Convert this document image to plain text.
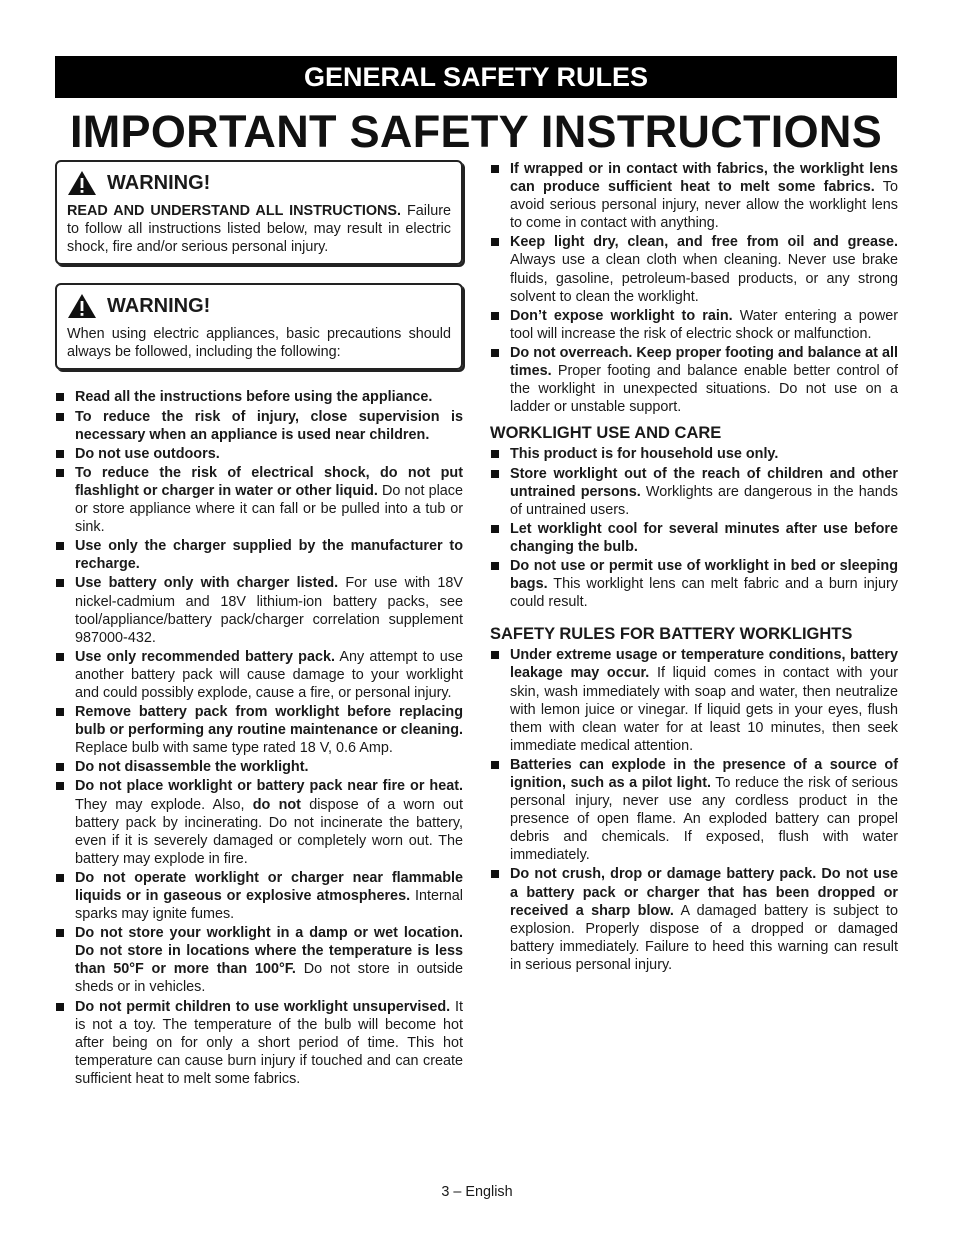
GENERAL SAFETY RULES
IMPORTANT SAFETY INSTRUCTIONS
WARNING!
READ AND UNDERSTAND ALL INSTRUCTIONS. Failure to follow all instructions listed below, may result in electric shock, fire and/or serious personal injury.
WARNING!
When using electric appliances, basic precautions should always be followed, including the following:
Read all the instructions before using the appliance.
To reduce the risk of injury, close supervision is necessary when an appliance is used near children.
Do not use outdoors.
To reduce the risk of electrical shock, do not put flashlight or charger in water or other liquid. Do not place or store appliance where it can fall or be pulled into a tub or sink.
Use only the charger supplied by the manufacturer to recharge.
Use battery only with charger listed. For use with 18V nickel-cadmium and 18V lithium-ion battery packs, see tool/appliance/battery pack/charger correlation supplement 987000-432.
Use only recommended battery pack. Any attempt to use another battery pack will cause damage to your worklight and could possibly explode, cause a fire, or personal injury.
Remove battery pack from worklight before replacing bulb or performing any routine maintenance or cleaning. Replace bulb with same type rated 18 V, 0.6 Amp.
Do not disassemble the worklight.
Do not place worklight or battery pack near fire or heat. They may explode. Also, do not dispose of a worn out battery pack by incinerating. Do not incinerate the battery, even if it is severely damaged or completely worn out. The battery may explode in fire.
Do not operate worklight or charger near flammable liquids or in gaseous or explosive atmospheres. Internal sparks may ignite fumes.
Do not store your worklight in a damp or wet location. Do not store in locations where the temperature is less than 50°F or more than 100°F. Do not store in outside sheds or in vehicles.
Do not permit children to use worklight unsupervised. It is not a toy. The temperature of the bulb will become hot after being on for only a short period of time. This hot temperature can cause burn injury if touched and can create sufficient heat to melt some fabrics.
If wrapped or in contact with fabrics, the worklight lens can produce sufficient heat to melt some fabrics. To avoid serious personal injury, never allow the worklight lens to come in contact with anything.
Keep light dry, clean, and free from oil and grease. Always use a clean cloth when cleaning. Never use brake fluids, gasoline, petroleum-based products, or any strong solvent to clean the worklight.
Don’t expose worklight to rain. Water entering a power tool will increase the risk of electric shock or malfunction.
Do not overreach. Keep proper footing and balance at all times. Proper footing and balance enable better control of the worklight in unexpected situations. Do not use on a ladder or unstable support.
WORKLIGHT USE AND CARE
This product is for household use only.
Store worklight out of the reach of children and other untrained persons. Worklights are dangerous in the hands of untrained users.
Let worklight cool for several minutes after use before changing the bulb.
Do not use or permit use of worklight in bed or sleeping bags. This worklight lens can melt fabric and a burn injury could result.
SAFETY RULES FOR BATTERY WORKLIGHTS
Under extreme usage or temperature conditions, battery leakage may occur. If liquid comes in contact with your skin, wash immediately with soap and water, then neutralize with lemon juice or vinegar. If liquid gets in your eyes, flush them with clean water for at least 10 minutes, then seek immediate medical attention.
Batteries can explode in the presence of a source of ignition, such as a pilot light. To reduce the risk of serious personal injury, never use any cordless product in the presence of open flame. An exploded battery can propel debris and chemicals. If exposed, flush with water immediately.
Do not crush, drop or damage battery pack. Do not use a battery pack or charger that has been dropped or received a sharp blow. A damaged battery is subject to explosion. Properly dispose of a dropped or damaged battery immediately. Failure to heed this warning can result in serious personal injury.
3 – English
